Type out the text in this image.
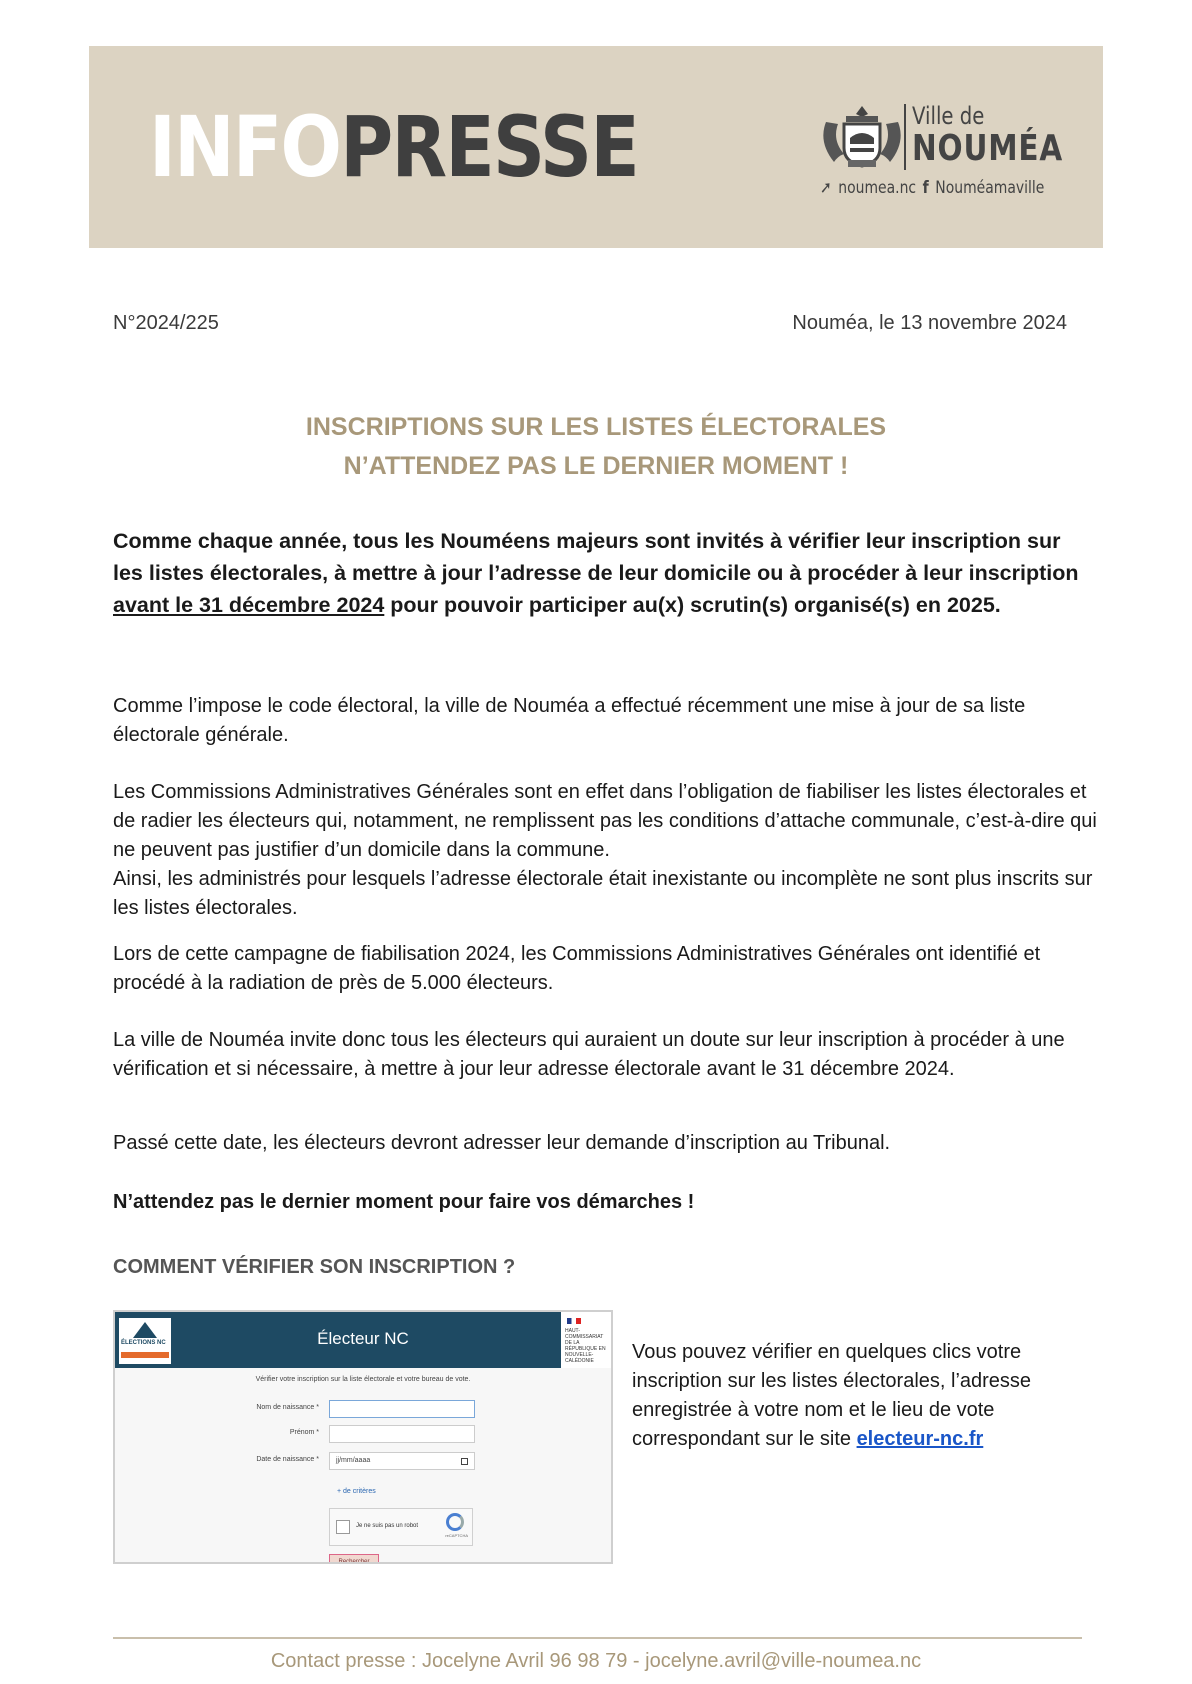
INFO PRESSE	Ville de
NOUMÉA
➚ noumea.nc f Nouméamaville
N°2024/225	Nouméa, le 13 novembre 2024
INSCRIPTIONS SUR LES LISTES ÉLECTORALES
N’ATTENDEZ PAS LE DERNIER MOMENT !
Comme chaque année, tous les Nouméens majeurs sont invités à vérifier leur inscription sur les listes électorales, à mettre à jour l’adresse de leur domicile ou à procéder à leur inscription avant le 31 décembre 2024 pour pouvoir participer au(x) scrutin(s) organisé(s) en 2025.
Comme l’impose le code électoral, la ville de Nouméa a effectué récemment une mise à jour de sa liste électorale générale.
Les Commissions Administratives Générales sont en effet dans l’obligation de fiabiliser les listes électorales et de radier les électeurs qui, notamment, ne remplissent pas les conditions d’attache communale, c’est-à-dire qui ne peuvent pas justifier d’un domicile dans la commune.
Ainsi, les administrés pour lesquels l’adresse électorale était inexistante ou incomplète ne sont plus inscrits sur les listes électorales.
Lors de cette campagne de fiabilisation 2024, les Commissions Administratives Générales ont identifié et procédé à la radiation de près de 5.000 électeurs.
La ville de Nouméa invite donc tous les électeurs qui auraient un doute sur leur inscription à procéder à une vérification et si nécessaire, à mettre à jour leur adresse électorale avant le 31 décembre 2024.
Passé cette date, les électeurs devront adresser leur demande d’inscription au Tribunal.
N’attendez pas le dernier moment pour faire vos démarches !
COMMENT VÉRIFIER SON INSCRIPTION ?
ÉLECTIONS NC	Électeur NC	HAUT-COMMISSARIAT DE LA RÉPUBLIQUE EN NOUVELLE-CALÉDONIE
Vérifier votre inscription sur la liste électorale et votre bureau de vote.
Nom de naissance *
Prénom *
Date de naissance * jj/mm/aaaa
+ de critères
Je ne suis pas un robot
reCAPTCHA
Rechercher
Vous pouvez vérifier en quelques clics votre inscription sur les listes électorales, l’adresse enregistrée à votre nom et le lieu de vote correspondant sur le site electeur-nc.fr
Contact presse : Jocelyne Avril 96 98 79 - jocelyne.avril@ville-noumea.nc
